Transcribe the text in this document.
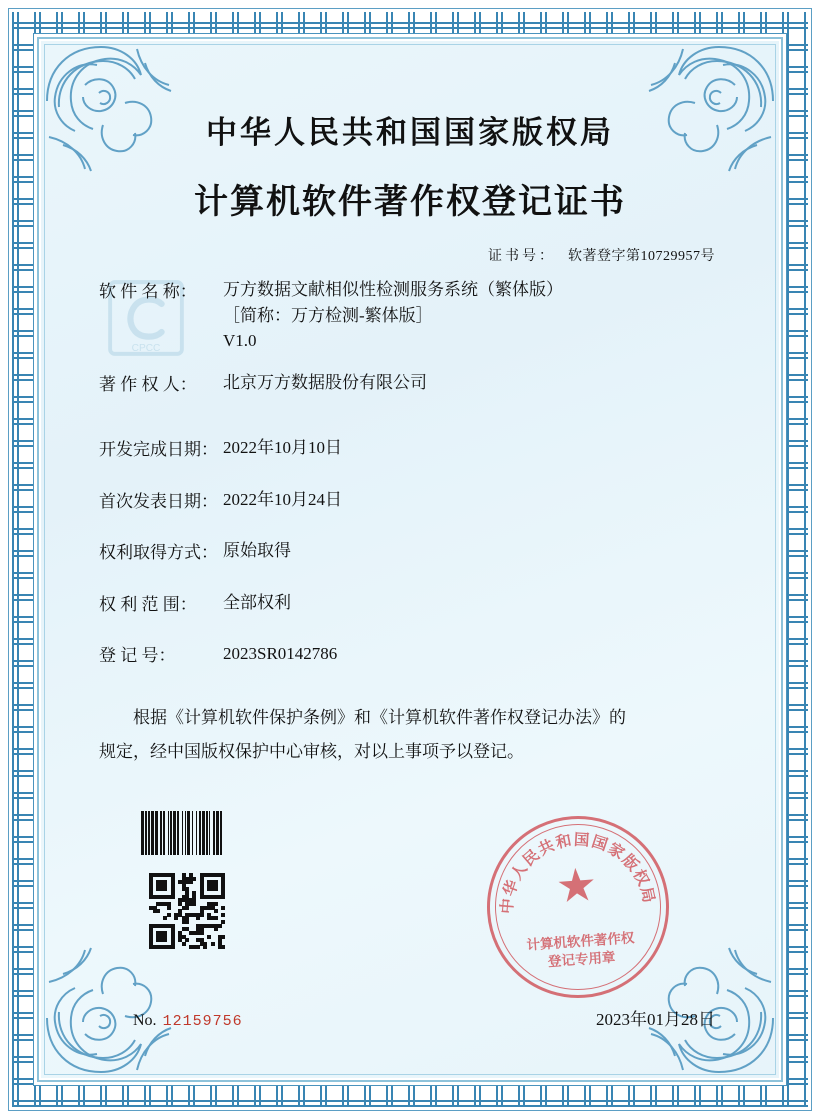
中华人民共和国国家版权局
计算机软件著作权登记证书
证书号： 软著登字第10729957号
CPCC
软 件 名 称：	万方数据文献相似性检测服务系统（繁体版）
［简称：万方检测-繁体版］
V1.0
著 作 权 人：	北京万方数据股份有限公司
开发完成日期： 2022年10月10日
首次发表日期： 2022年10月24日
权利取得方式： 原始取得
权 利 范 围：	全部权利
登 记 号：	2023SR0142786
根据《计算机软件保护条例》和《计算机软件著作权登记办法》的
规定，经中国版权保护中心审核，对以上事项予以登记。
No. 12159756	2023年01月28日
中华人民共和国国家版权局
★
计算机软件著作权
登记专用章
